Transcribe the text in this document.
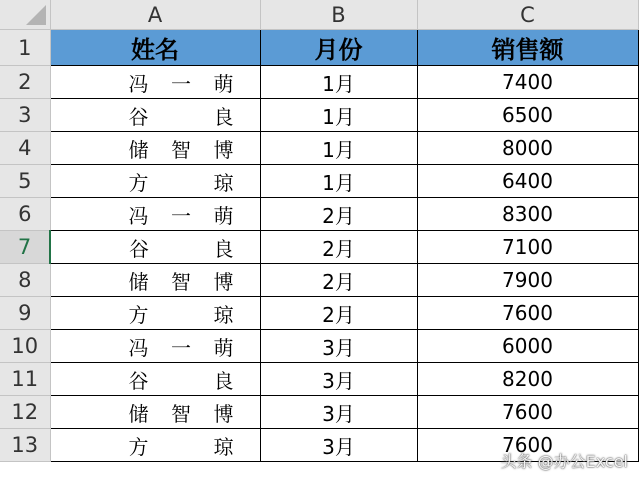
	A	B	C
1	姓名	月份	销售额
2	冯 一 萌	1月	7400
3	谷 良	1月	6500
4	储 智 博	1月	8000
5	方 琼	1月	6400
6	冯 一 萌	2月	8300
7	谷 良	2月	7100
8	储 智 博	2月	7900
9	方 琼	2月	7600
10	冯 一 萌	3月	6000
11	谷 良	3月	8200
12	储 智 博	3月	7600
13	方 琼	3月	7600
头条 @办公Excel
